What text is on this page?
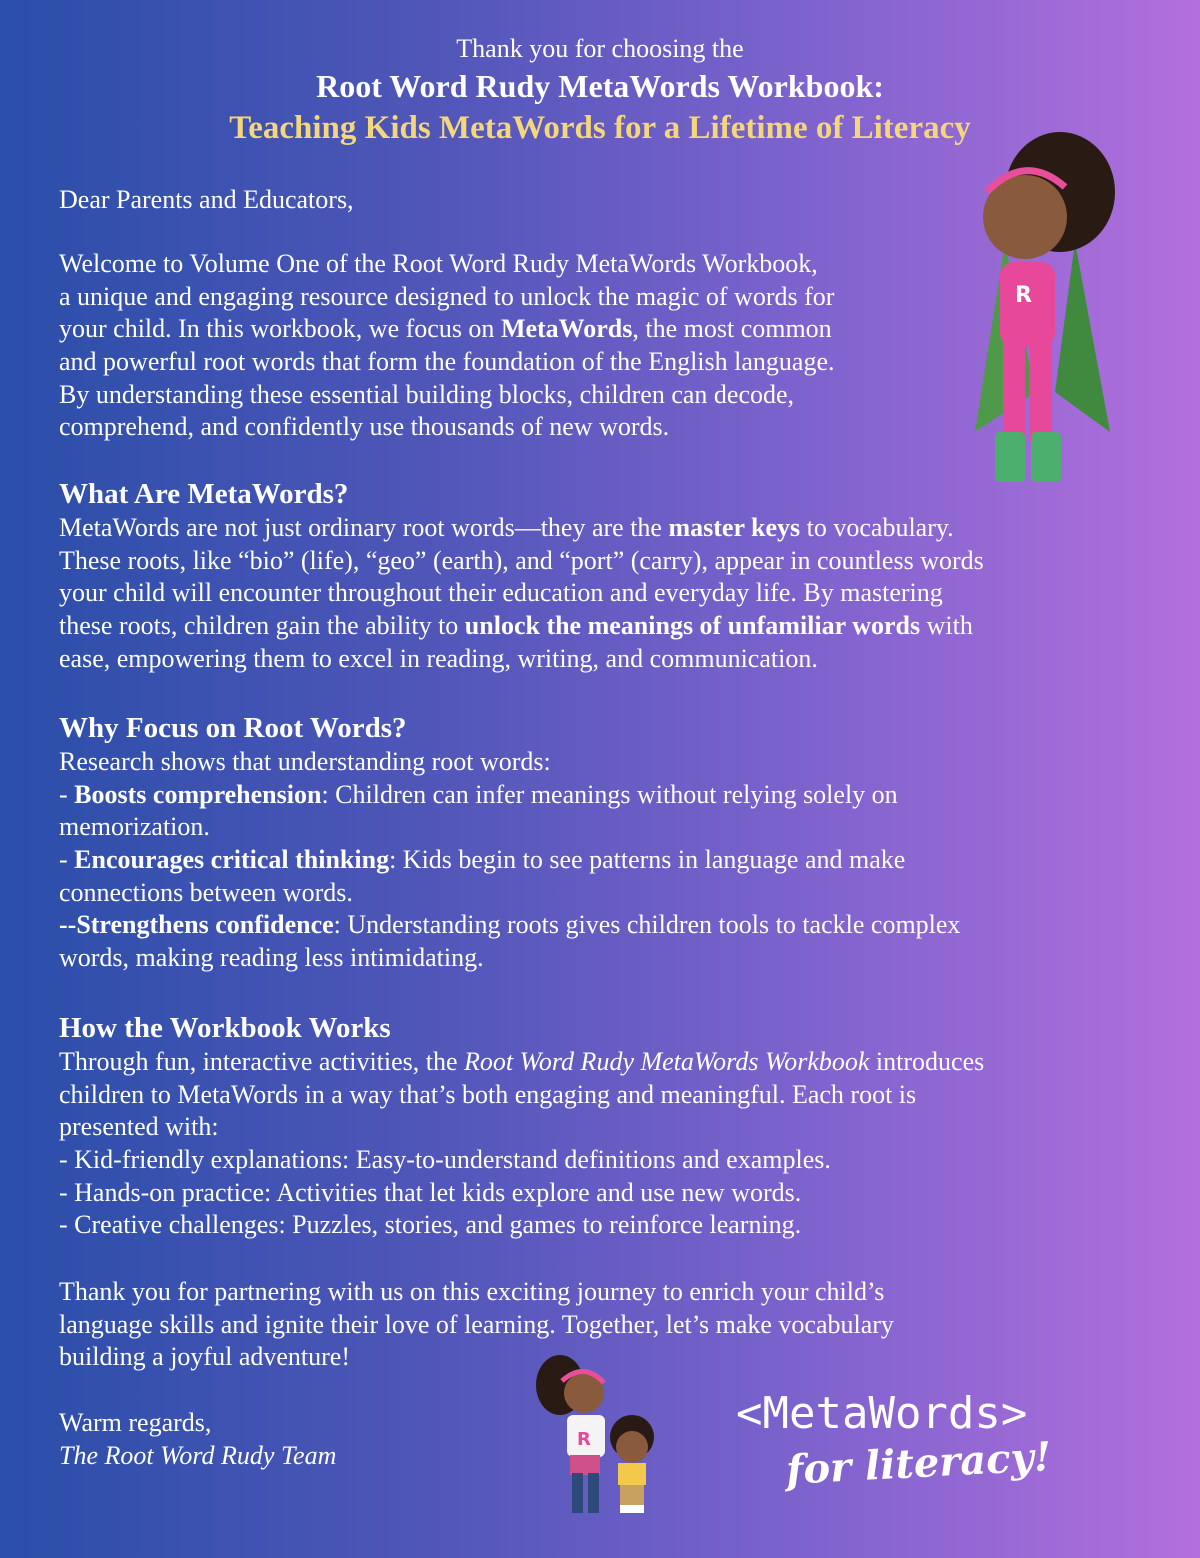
Thank you for choosing the
Root Word Rudy MetaWords Workbook:
Teaching Kids MetaWords for a Lifetime of Literacy
Dear Parents and Educators,
Welcome to Volume One of the Root Word Rudy MetaWords Workbook,
a unique and engaging resource designed to unlock the magic of words for
your child. In this workbook, we focus on MetaWords, the most common
and powerful root words that form the foundation of the English language.
By understanding these essential building blocks, children can decode,
comprehend, and confidently use thousands of new words.
What Are MetaWords?
MetaWords are not just ordinary root words—they are the master keys to vocabulary.
These roots, like “bio” (life), “geo” (earth), and “port” (carry), appear in countless words
your child will encounter throughout their education and everyday life. By mastering
these roots, children gain the ability to unlock the meanings of unfamiliar words with
ease, empowering them to excel in reading, writing, and communication.
Why Focus on Root Words?
Research shows that understanding root words:
- Boosts comprehension: Children can infer meanings without relying solely on
memorization.
- Encourages critical thinking: Kids begin to see patterns in language and make
connections between words.
--Strengthens confidence: Understanding roots gives children tools to tackle complex
words, making reading less intimidating.
How the Workbook Works
Through fun, interactive activities, the Root Word Rudy MetaWords Workbook introduces
children to MetaWords in a way that’s both engaging and meaningful. Each root is
presented with:
- Kid-friendly explanations: Easy-to-understand definitions and examples.
- Hands-on practice: Activities that let kids explore and use new words.
- Creative challenges: Puzzles, stories, and games to reinforce learning.
Thank you for partnering with us on this exciting journey to enrich your child’s
language skills and ignite their love of learning. Together, let’s make vocabulary
building a joyful adventure!
Warm regards,
The Root Word Rudy Team
R
R
<MetaWords>
for literacy!
